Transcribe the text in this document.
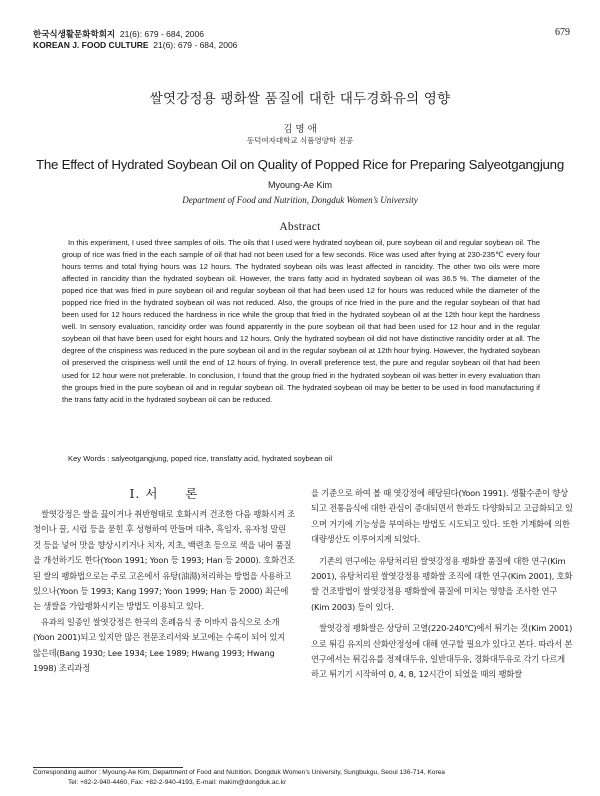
한국식생활문화학회지 21(6): 679 - 684, 2006
KOREAN J. FOOD CULTURE 21(6): 679 - 684, 2006
679
쌀엿강정용 팽화쌀 품질에 대한 대두경화유의 영향
김 명 애
동덕여자대학교 식품영양학 전공
The Effect of Hydrated Soybean Oil on Quality of Popped Rice for Preparing Salyeotgangjung
Myoung-Ae Kim
Department of Food and Nutrition, Dongduk Women’s University
Abstract

In this experiment, I used three samples of oils. The oils that I used were hydrated soybean oil, pure soybean oil and regular soybean oil. The group of rice was fried in the each sample of oil that had not been used for a few seconds. Rice was used after frying at 230-235℃ every four hours terms and total frying hours was 12 hours. The hydrated soybean oils was least affected in rancidity. The other two oils were more affected in rancidity than the hydrated soybean oil. However, the trans fatty acid in hydrated soybean oil was 36.5 %. The diameter of the poped rice that was fried in pure soybean oil and regular soybean oil that had been used 12 for hours was reduced while the diameter of the popped rice fried in the hydrated soybean oil was not reduced. Also, the groups of rice fried in the pure and the regular soybean oil that had been used for 12 hours reduced the hardness in rice while the group that fried in the hydrated soybean oil at the 12th hour kept the hardness well. In sensory evaluation, rancidity order was found apparently in the pure soybean oil that had been used for 12 hour and in the regular soybean oil that have been used for eight hours and 12 hours. Only the hydrated soybean oil did not have distinctive rancidity order at all. The degree of the crispiness was reduced in the pure soybean oil and in the regular soybean oil at 12th hour frying. However, the hydrated soybean oil preserved the crispiness well until the end of 12 hours of frying. In overall preference test, the pure and regular soybean oil that had been used for 12 hour were not preferable. In conclusion, I found that the group fried in the hydrated soybean oil was better in every evaluation than the groups fried in the pure soybean oil and in regular soybean oil. The hydrated soybean oil may be better to be used in food manufacturing if the trans fatty acid in the hydrated soybean oil can be reduced.

Key Words : salyeotgangjung, poped rice, transfatty acid, hydrated soybean oil
I. 서　　론

쌀엿강정은 쌀을 끓이거나 취반형태로 호화시켜 건조한 다음 팽화시켜 조청이나 꿀, 시럽 등을 묻힌 후 성형하여 만들며 대추, 흑임자, 유자청 말린 것 등을 넣어 맛을 향상시키거나 치자, 지초, 백련초 등으로 색을 내어 품질을 개선하기도 한다(Yoon 1991; Yoon 등 1993; Han 등 2000). 호화건조된 쌀의 팽화법으로는 주로 고온에서 유탕(油湯)처리하는 방법을 사용하고 있으나(Yoon 등 1993; Kang 1997; Yoon 1999; Han 등 2000) 최근에는 생쌀을 가압팽화시키는 방법도 이용되고 있다.

유과의 일종인 쌀엿강정은 한국의 혼례음식 중 이바지 음식으로 소개(Yoon 2001)되고 있지만 많은 전문조리서와 보고에는 수록이 되어 있지 않은데(Bang 1930; Lee 1934; Lee 1989; Hwang 1993; Hwang 1998) 조리과정

을 기준으로 하여 볼 때 엿강정에 해당된다(Yoon 1991). 생활수준이 향상되고 전통음식에 대한 관심이 증대되면서 한과도 다양화되고 고급화되고 있으며 거기에 기능성을 부여하는 방법도 시도되고 있다. 또한 기계화에 의한 대량생산도 이루어지게 되었다.

기존의 연구에는 유탕처리된 쌀엿강정용 팽화쌀 품질에 대한 연구(Kim 2001), 유탕처리된 쌀엿강정용 팽화쌀 조직에 대한 연구(Kim 2001), 호화쌀 건조방법이 쌀엿강정용 팽화쌀에 품질에 미치는 영향을 조사한 연구(Kim 2003) 등이 있다.

쌀엿강정 팽화쌀은 상당히 고열(220-240℃)에서 튀기는 것(Kim 2001)으로 튀김 유지의 산화안정성에 대해 연구할 필요가 있다고 본다. 따라서 본 연구에서는 튀김유를 정제대두유, 일반대두유, 경화대두유로 각기 다르게 하고 튀기기 시작하여 0, 4, 8, 12시간이 되었을 때의 팽화쌀

Corresponding author : Myoung-Ae Kim, Department of Food and Nutrition, Dongduk Women’s University, Sungbukgu, Seoul 136-714, Korea
Tel: +82-2-940-4460, Fax: +82-2-940-4193, E-mail: makim@dongduk.ac.kr
